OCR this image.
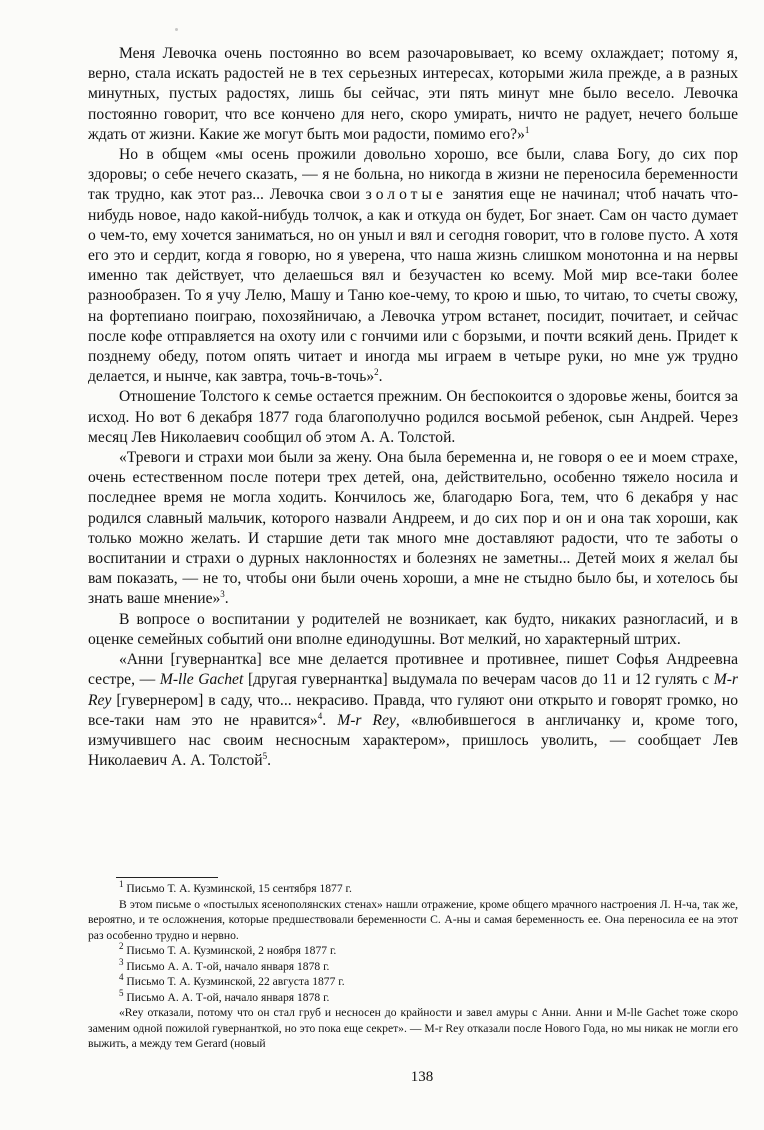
Меня Левочка очень постоянно во всем разочаровывает, ко всему охлаждает; потому я, верно, стала искать радостей не в тех серьезных интересах, которыми жила прежде, а в разных минутных, пустых радостях, лишь бы сейчас, эти пять минут мне было весело. Левочка постоянно говорит, что все кончено для него, скоро умирать, ничто не радует, нечего больше ждать от жизни. Какие же могут быть мои радости, помимо его?»$^1$

Но в общем «мы осень прожили довольно хорошо, все были, слава Богу, до сих пор здоровы; о себе нечего сказать, — я не больна, но никогда в жизни не переносила беременности так трудно, как этот раз... Левочка свои золотые занятия еще не начинал; чтоб начать что-нибудь новое, надо какой-нибудь толчок, а как и откуда он будет, Бог знает. Сам он часто думает о чем-то, ему хочется заниматься, но он уныл и вял и сегодня говорит, что в голове пусто. А хотя его это и сердит, когда я говорю, но я уверена, что наша жизнь слишком монотонна и на нервы именно так действует, что делаешься вял и безучастен ко всему. Мой мир все-таки более разнообразен. То я учу Лелю, Машу и Таню кое-чему, то крою и шью, то читаю, то счеты свожу, на фортепиано поиграю, похозяйничаю, а Левочка утром встанет, посидит, почитает, и сейчас после кофе отправляется на охоту или с гончими или с борзыми, и почти всякий день. Придет к позднему обеду, потом опять читает и иногда мы играем в четыре руки, но мне уж трудно делается, и нынче, как завтра, точь-в-точь»$^2$.

Отношение Толстого к семье остается прежним. Он беспокоится о здоровье жены, боится за исход. Но вот 6 декабря 1877 года благополучно родился восьмой ребенок, сын Андрей. Через месяц Лев Николаевич сообщил об этом А. А. Толстой.

«Тревоги и страхи мои были за жену. Она была беременна и, не говоря о ее и моем страхе, очень естественном после потери трех детей, она, действительно, особенно тяжело носила и последнее время не могла ходить. Кончилось же, благодарю Бога, тем, что 6 декабря у нас родился славный мальчик, которого назвали Андреем, и до сих пор и он и она так хороши, как только можно желать. И старшие дети так много мне доставляют радости, что те заботы о воспитании и страхи о дурных наклонностях и болезнях не заметны... Детей моих я желал бы вам показать, — не то, чтобы они были очень хороши, а мне не стыдно было бы, и хотелось бы знать ваше мнение»$^3$.

В вопросе о воспитании у родителей не возникает, как будто, никаких разногласий, и в оценке семейных событий они вполне единодушны. Вот мелкий, но характерный штрих.

«Анни [гувернантка] все мне делается противнее и противнее, пишет Софья Андреевна сестре, — M-lle Gachet [другая гувернантка] выдумала по вечерам часов до 11 и 12 гулять с M-r Rey [гувернером] в саду, что... некрасиво. Правда, что гуляют они открыто и говорят громко, но все-таки нам это не нравится»$^4$. M-r Rey, «влюбившегося в англичанку и, кроме того, измучившего нас своим несносным характером», пришлось уволить, — сообщает Лев Николаевич А. А. Толстой$^5$.

$^1$ Письмо Т. А. Кузминской, 15 сентября 1877 г.

В этом письме о «постылых ясенополянских стенах» нашли отражение, кроме общего мрачного настроения Л. Н-ча, так же, вероятно, и те осложнения, которые предшествовали беременности С. А-ны и самая беременность ее. Она переносила ее на этот раз особенно трудно и нервно.

$^2$ Письмо Т. А. Кузминской, 2 ноября 1877 г.

$^3$ Письмо А. А. Т-ой, начало января 1878 г.

$^4$ Письмо Т. А. Кузминской, 22 августа 1877 г.

$^5$ Письмо А. А. Т-ой, начало января 1878 г.

«Rey отказали, потому что он стал груб и несносен до крайности и завел амуры с Анни. Анни и M-lle Gachet тоже скоро заменим одной пожилой гувернанткой, но это пока еще секрет». — M-r Rey отказали после Нового Года, но мы никак не могли его выжить, а между тем Gerard (новый

138
